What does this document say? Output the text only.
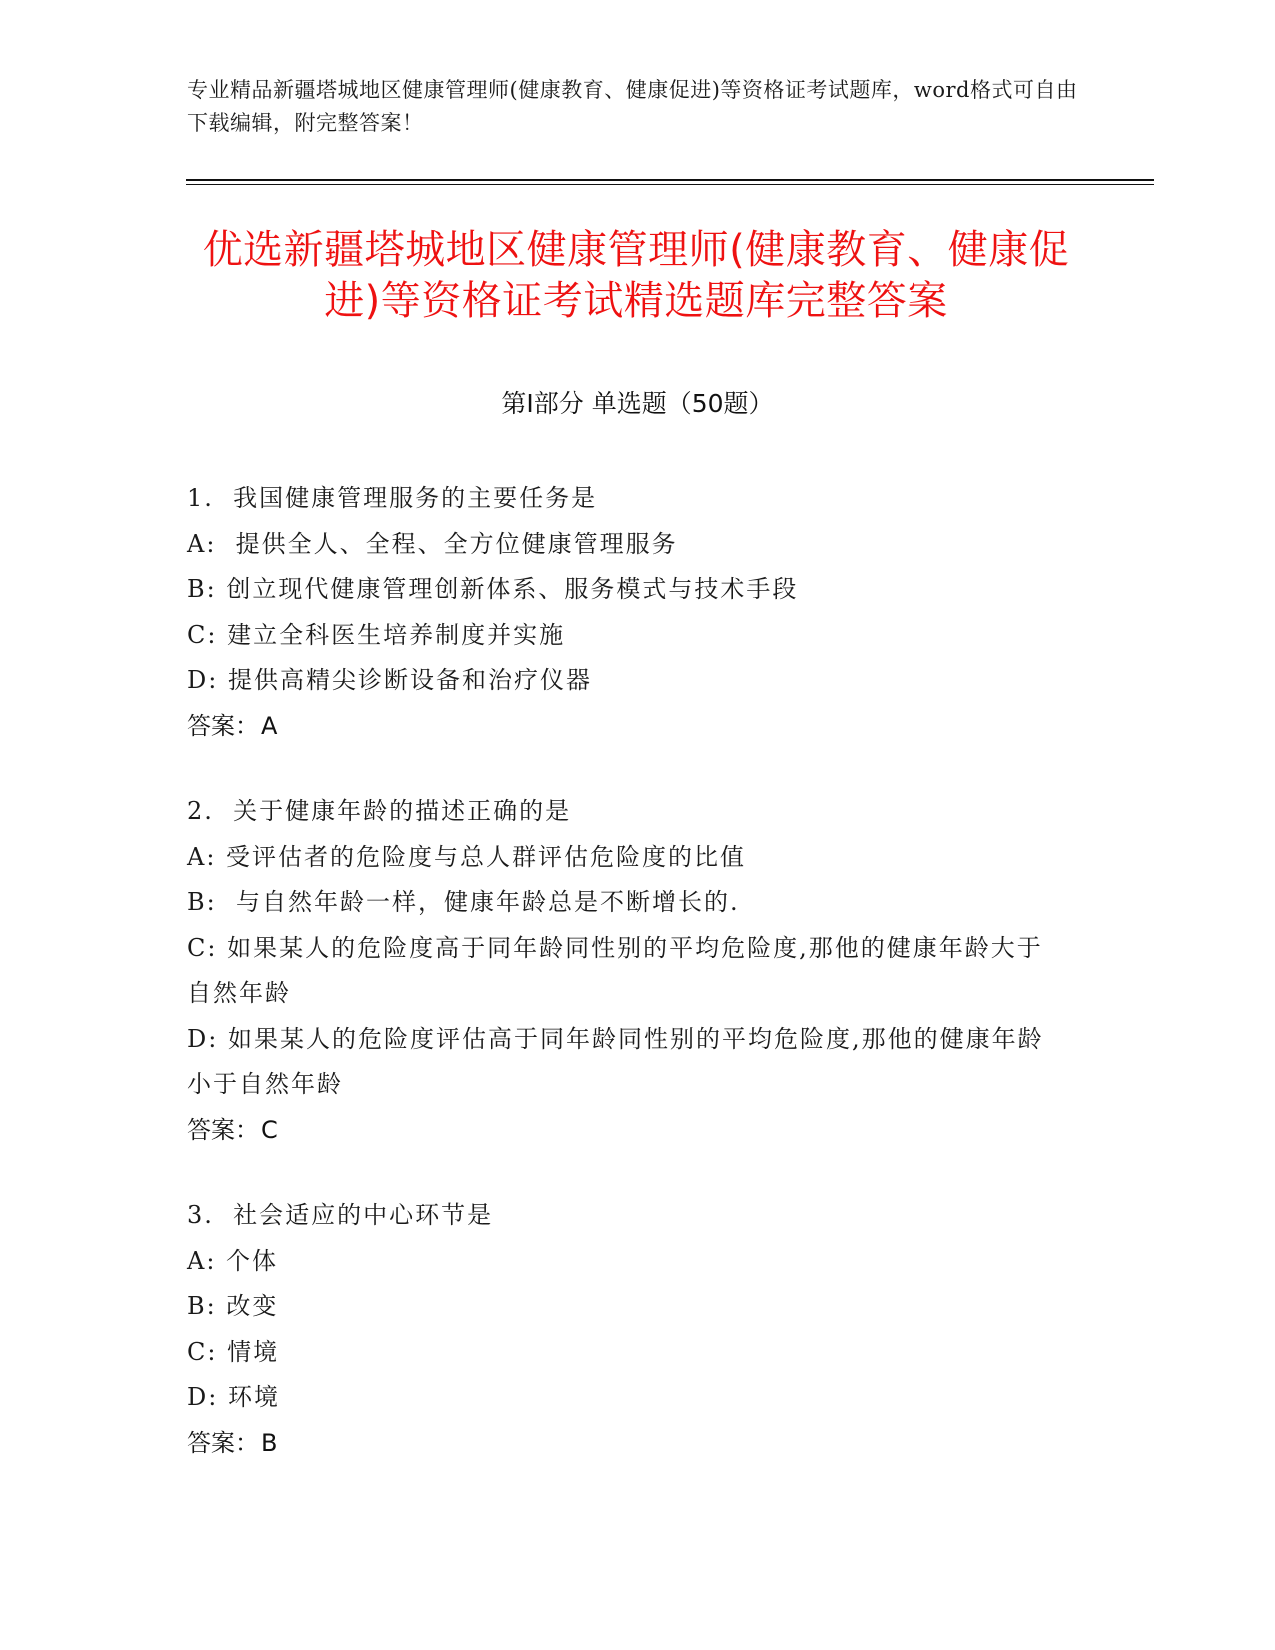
专业精品新疆塔城地区健康管理师(健康教育、健康促进)等资格证考试题库，word格式可自由下载编辑，附完整答案！
优选新疆塔城地区健康管理师(健康教育、健康促进)等资格证考试精选题库完整答案
第Ⅰ部分 单选题（50题）
1.  我国健康管理服务的主要任务是
A:  提供全人、全程、全方位健康管理服务
B: 创立现代健康管理创新体系、服务模式与技术手段
C: 建立全科医生培养制度并实施
D: 提供高精尖诊断设备和治疗仪器
答案：A
2.  关于健康年龄的描述正确的是
A: 受评估者的危险度与总人群评估危险度的比值
B:  与自然年龄一样，健康年龄总是不断增长的.
C: 如果某人的危险度高于同年龄同性别的平均危险度,那他的健康年龄大于自然年龄
D: 如果某人的危险度评估高于同年龄同性别的平均危险度,那他的健康年龄小于自然年龄
答案：C
3.  社会适应的中心环节是
A: 个体
B: 改变
C: 情境
D: 环境
答案：B
